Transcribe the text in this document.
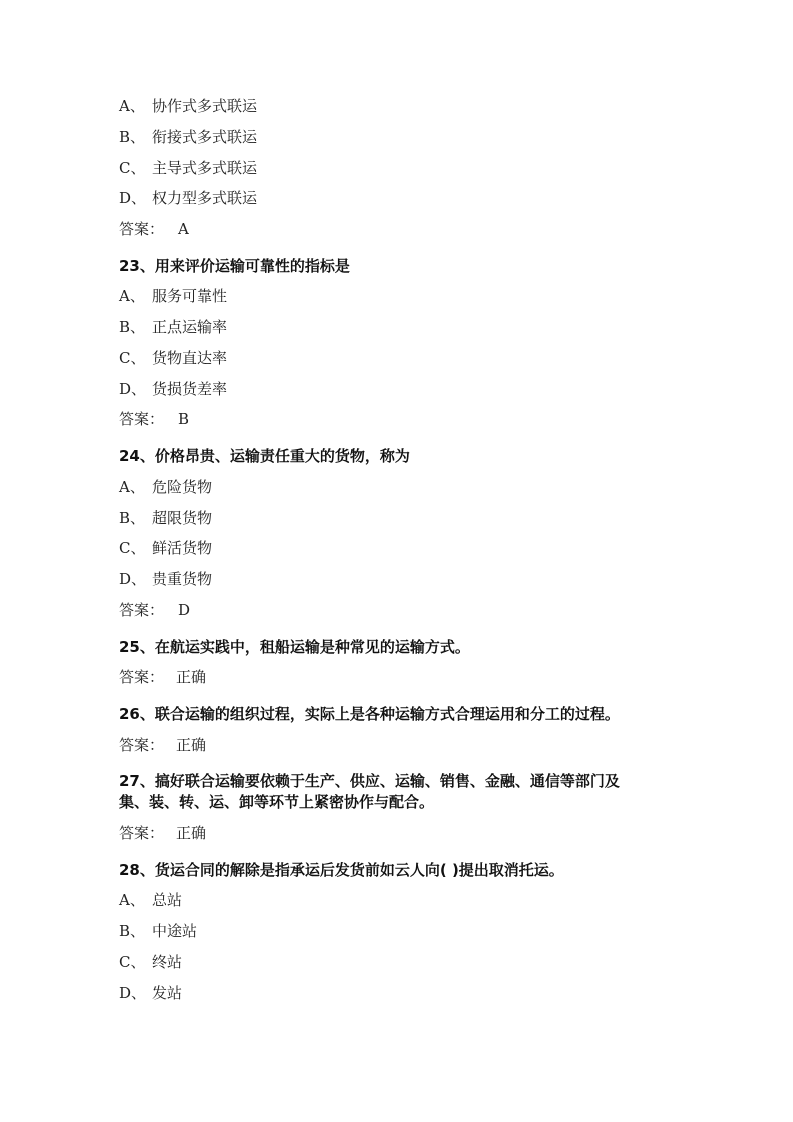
A、 协作式多式联运
B、 衔接式多式联运
C、 主导式多式联运
D、 权力型多式联运
答案： A
23、用来评价运输可靠性的指标是
A、 服务可靠性
B、 正点运输率
C、 货物直达率
D、 货损货差率
答案： B
24、价格昂贵、运输责任重大的货物，称为
A、 危险货物
B、 超限货物
C、 鲜活货物
D、 贵重货物
答案： D
25、在航运实践中，租船运输是种常见的运输方式。
答案： 正确
26、联合运输的组织过程，实际上是各种运输方式合理运用和分工的过程。
答案： 正确
27、搞好联合运输要依赖于生产、供应、运输、销售、金融、通信等部门及
集、装、转、运、卸等环节上紧密协作与配合。
答案： 正确
28、货运合同的解除是指承运后发货前如云人向( )提出取消托运。
A、 总站
B、 中途站
C、 终站
D、 发站
